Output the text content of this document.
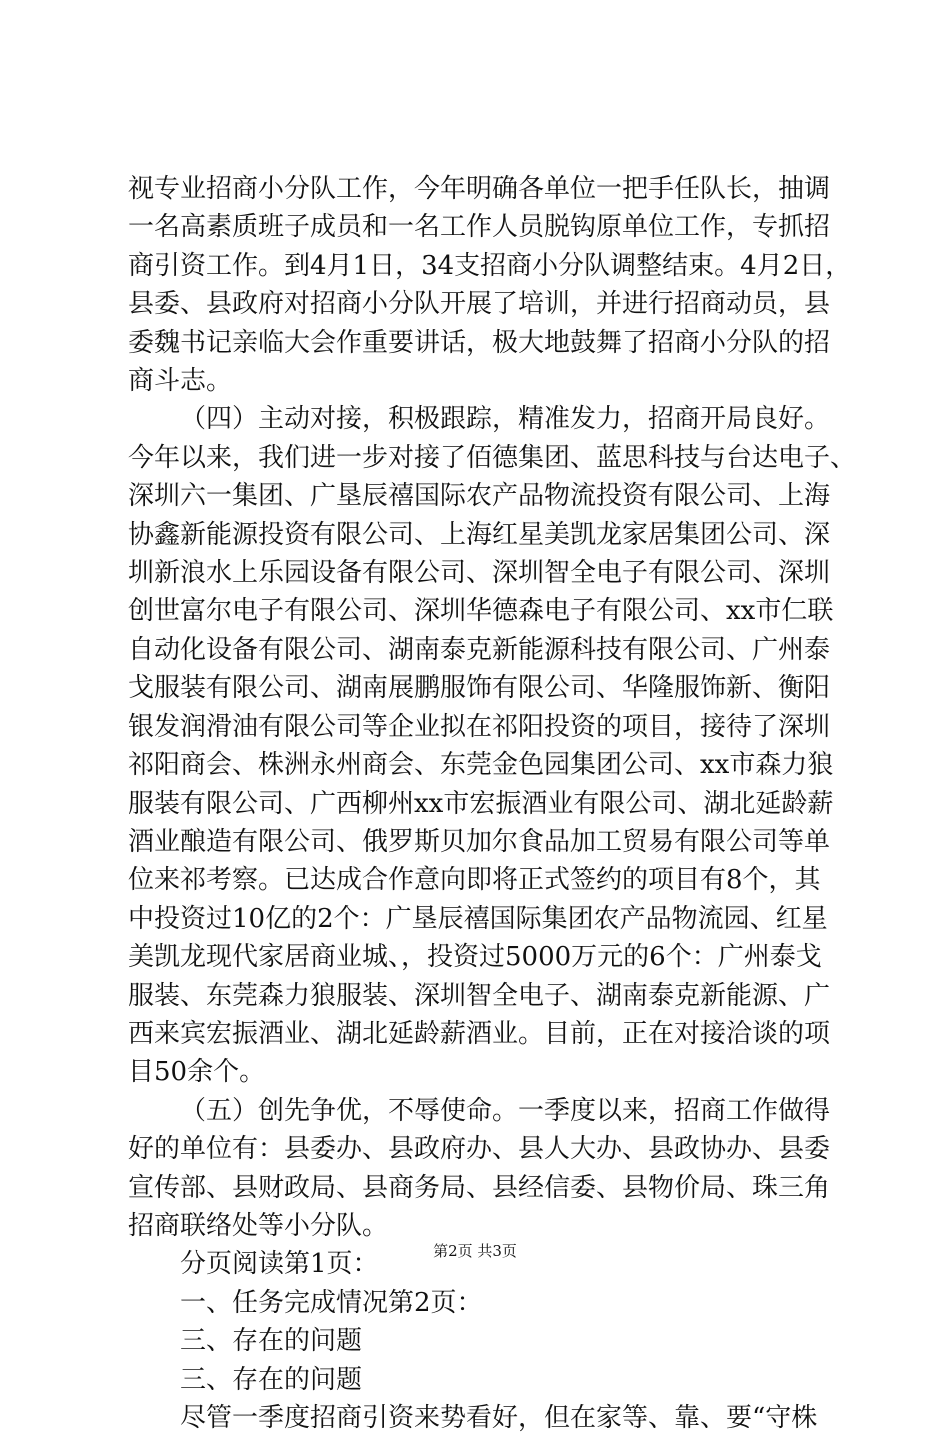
视专业招商小分队工作，今年明确各单位一把手任队长，抽调
一名高素质班子成员和一名工作人员脱钩原单位工作，专抓招
商引资工作。到4月1日，34支招商小分队调整结束。4月2日，
县委、县政府对招商小分队开展了培训，并进行招商动员，县
委魏书记亲临大会作重要讲话，极大地鼓舞了招商小分队的招
商斗志。
（四）主动对接，积极跟踪，精准发力，招商开局良好。
今年以来，我们进一步对接了佰德集团、蓝思科技与台达电子、
深圳六一集团、广垦辰禧国际农产品物流投资有限公司、上海
协鑫新能源投资有限公司、上海红星美凯龙家居集团公司、深
圳新浪水上乐园设备有限公司、深圳智全电子有限公司、深圳
创世富尔电子有限公司、深圳华德森电子有限公司、xx市仁联
自动化设备有限公司、湖南泰克新能源科技有限公司、广州泰
戈服装有限公司、湖南展鹏服饰有限公司、华隆服饰新、衡阳
银发润滑油有限公司等企业拟在祁阳投资的项目，接待了深圳
祁阳商会、株洲永州商会、东莞金色园集团公司、xx市森力狼
服装有限公司、广西柳州xx市宏振酒业有限公司、湖北延龄薪
酒业酿造有限公司、俄罗斯贝加尔食品加工贸易有限公司等单
位来祁考察。已达成合作意向即将正式签约的项目有8个，其
中投资过10亿的2个：广垦辰禧国际集团农产品物流园、红星
美凯龙现代家居商业城、，投资过5000万元的6个：广州泰戈
服装、东莞森力狼服装、深圳智全电子、湖南泰克新能源、广
西来宾宏振酒业、湖北延龄薪酒业。目前，正在对接洽谈的项
目50余个。
（五）创先争优，不辱使命。一季度以来，招商工作做得
好的单位有：县委办、县政府办、县人大办、县政协办、县委
宣传部、县财政局、县商务局、县经信委、县物价局、珠三角
招商联络处等小分队。
分页阅读第1页：
一、任务完成情况第2页：
三、存在的问题
三、存在的问题
尽管一季度招商引资来势看好，但在家等、靠、要“守株
第2页 共3页
